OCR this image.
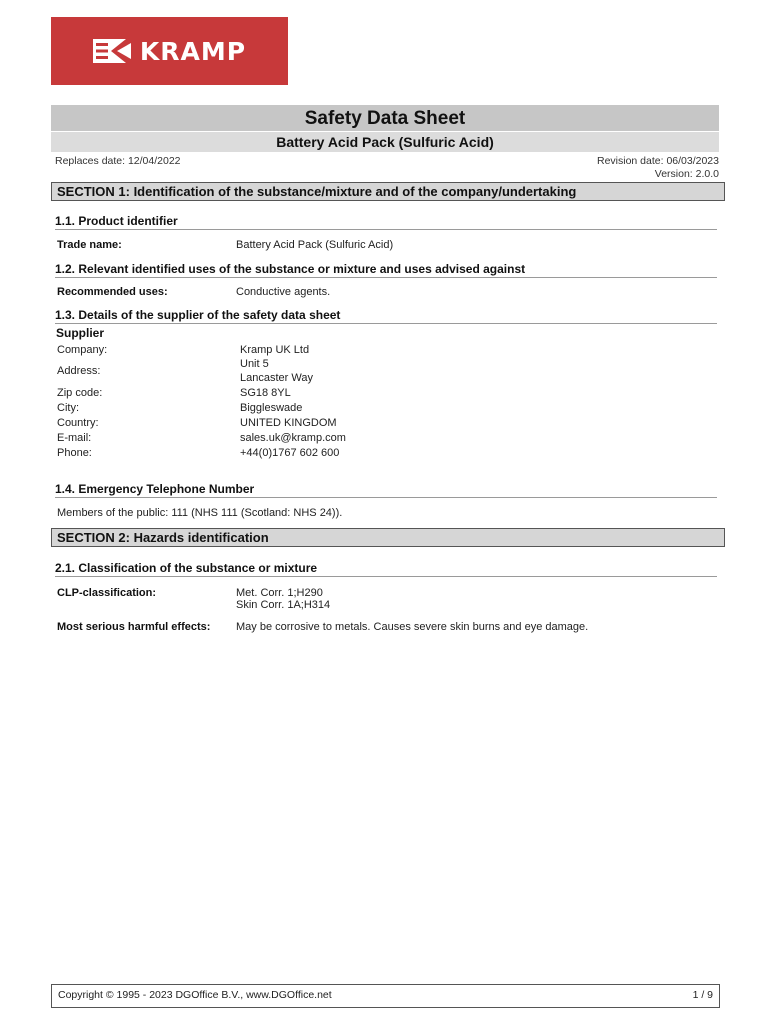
KRAMP
Safety Data Sheet
Battery Acid Pack (Sulfuric Acid)
Replaces date: 12/04/2022	Revision date: 06/03/2023
Version: 2.0.0
SECTION 1: Identification of the substance/mixture and of the company/undertaking
1.1. Product identifier
Trade name:	Battery Acid Pack (Sulfuric Acid)
1.2. Relevant identified uses of the substance or mixture and uses advised against
Recommended uses:	Conductive agents.
1.3. Details of the supplier of the safety data sheet
Supplier
Company:	Kramp UK Ltd
Address:
Unit 5
Lancaster Way
Zip code:	SG18 8YL
City:	Biggleswade
Country:	UNITED KINGDOM
E-mail:	sales.uk@kramp.com
Phone:	+44(0)1767 602 600
1.4. Emergency Telephone Number
Members of the public: 111 (NHS 111 (Scotland: NHS 24)).
SECTION 2: Hazards identification
2.1. Classification of the substance or mixture
CLP-classification:	Met. Corr. 1;H290
Skin Corr. 1A;H314
Most serious harmful effects: May be corrosive to metals. Causes severe skin burns and eye damage.
Copyright © 1995 - 2023 DGOffice B.V., www.DGOffice.net	1 / 9
